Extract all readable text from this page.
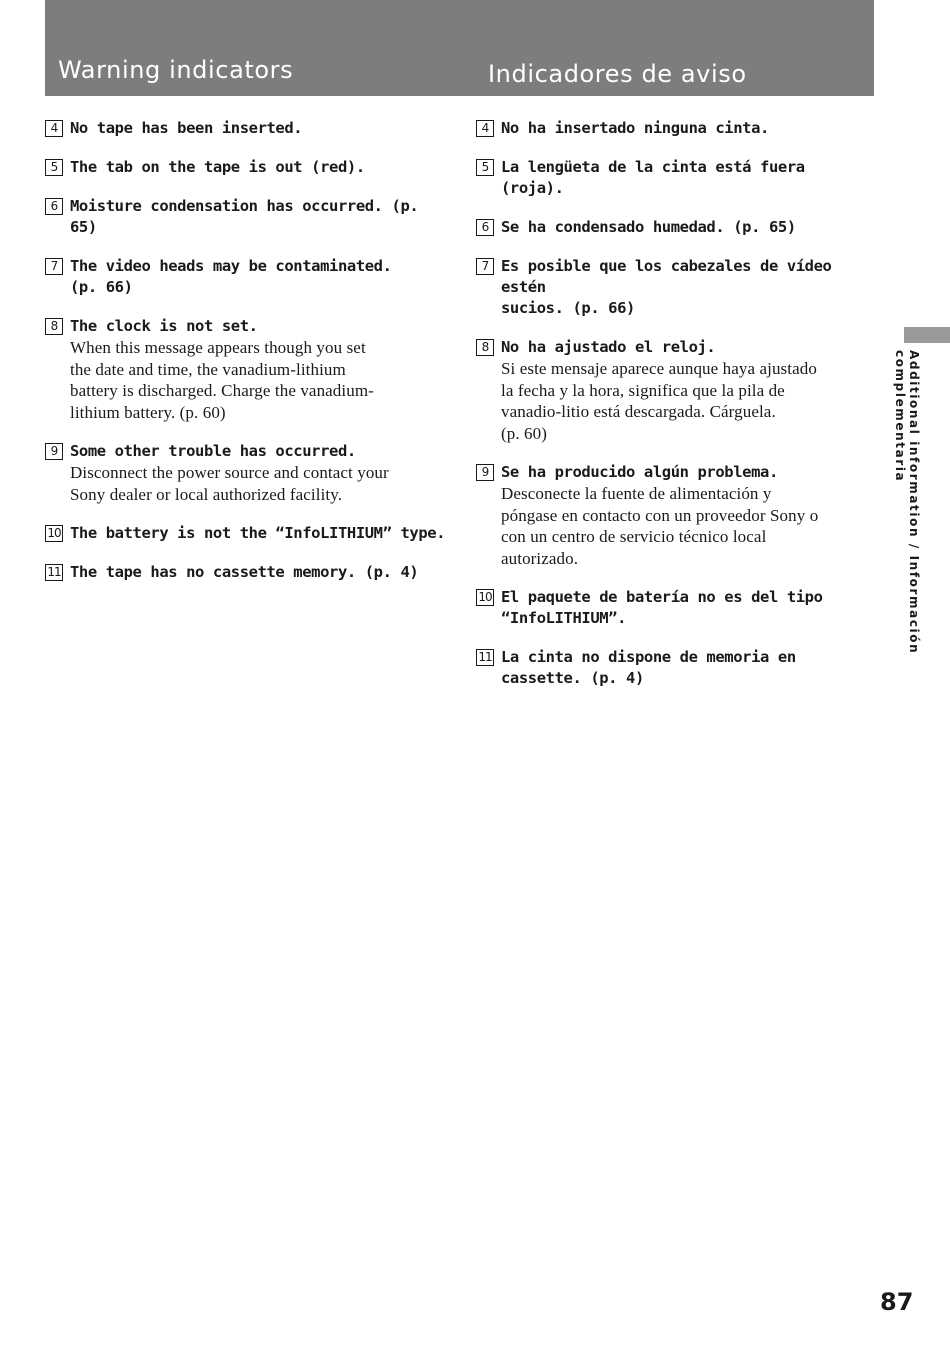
Warning indicators	Indicadores de aviso
4 No tape has been inserted.
5 The tab on the tape is out (red).
6 Moisture condensation has occurred. (p. 65)
7 The video heads may be contaminated.
(p. 66)
8 The clock is not set.
When this message appears though you set
the date and time, the vanadium-lithium
battery is discharged. Charge the vanadium-
lithium battery. (p. 60)
9 Some other trouble has occurred.
Disconnect the power source and contact your
Sony dealer or local authorized facility.
10 The battery is not the “InfoLITHIUM” type.
11 The tape has no cassette memory. (p. 4)
4 No ha insertado ninguna cinta.
5 La lengüeta de la cinta está fuera (roja).
6 Se ha condensado humedad. (p. 65)
7 Es posible que los cabezales de vídeo estén
sucios. (p. 66)
8 No ha ajustado el reloj.
Si este mensaje aparece aunque haya ajustado
la fecha y la hora, significa que la pila de
vanadio-litio está descargada. Cárguela.
(p. 60)
9 Se ha producido algún problema.
Desconecte la fuente de alimentación y
póngase en contacto con un proveedor Sony o
con un centro de servicio técnico local
autorizado.
10 El paquete de batería no es del tipo
“InfoLITHIUM”.
11 La cinta no dispone de memoria en
cassette. (p. 4)
Additional information / Información complementaria
87
